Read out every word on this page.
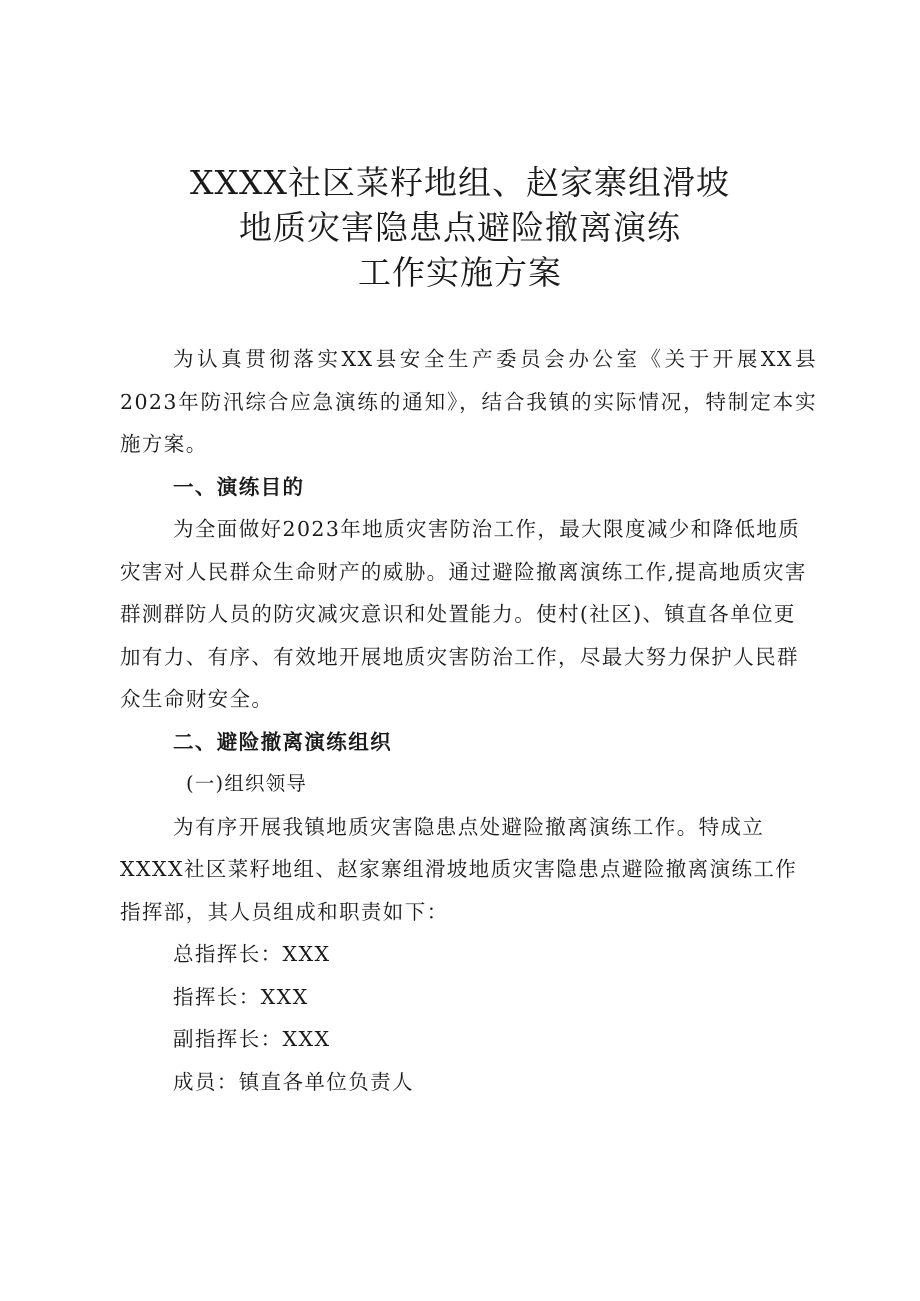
XXXX社区菜籽地组、赵家寨组滑坡
地质灾害隐患点避险撤离演练
工作实施方案

为认真贯彻落实XX县安全生产委员会办公室《关于开展XX县2023年防汛综合应急演练的通知》，结合我镇的实际情况，特制定本实施方案。

一、演练目的

为全面做好2023年地质灾害防治工作，最大限度减少和降低地质灾害对人民群众生命财产的威胁。通过避险撤离演练工作,提高地质灾害群测群防人员的防灾减灾意识和处置能力。使村(社区)、镇直各单位更加有力、有序、有效地开展地质灾害防治工作，尽最大努力保护人民群众生命财安全。

二、避险撤离演练组织

(一)组织领导

为有序开展我镇地质灾害隐患点处避险撤离演练工作。特成立XXXX社区菜籽地组、赵家寨组滑坡地质灾害隐患点避险撤离演练工作指挥部，其人员组成和职责如下：

总指挥长：XXX

指挥长：XXX

副指挥长：XXX

成员：镇直各单位负责人
